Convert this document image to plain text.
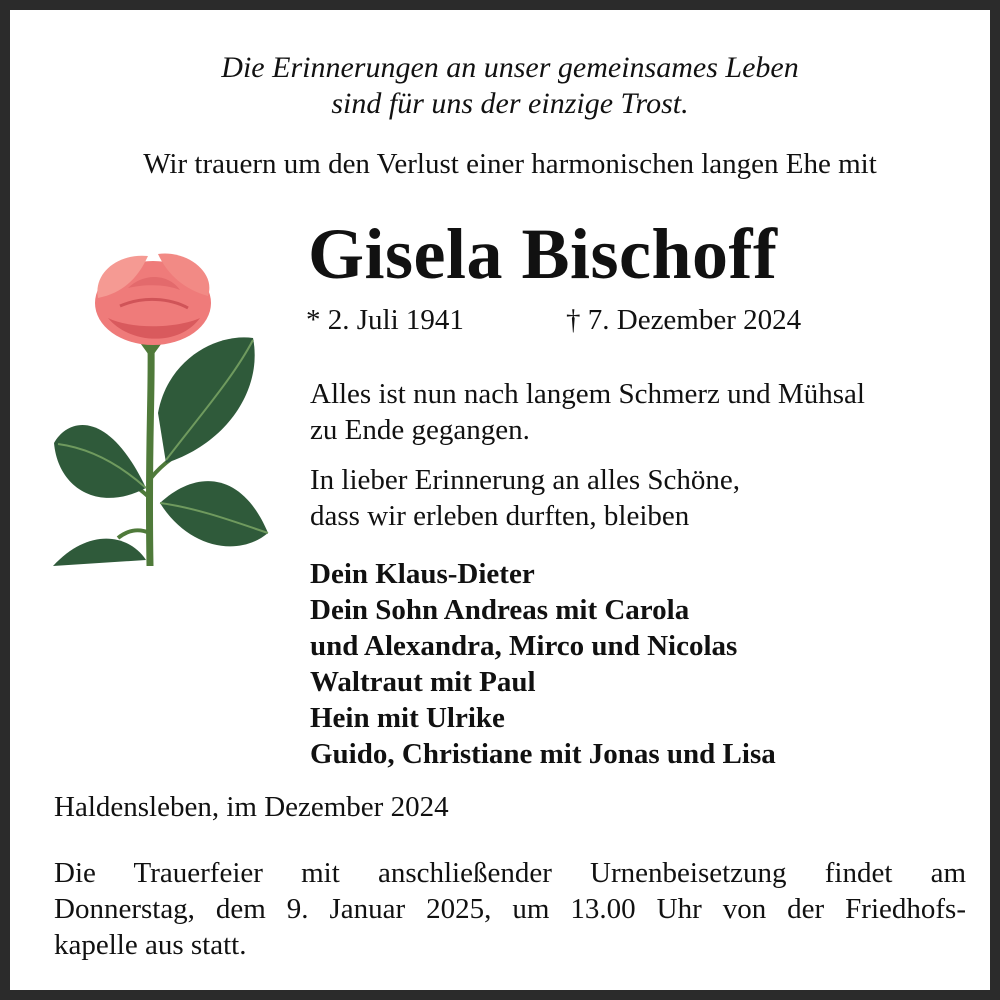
Die Erinnerungen an unser gemeinsames Leben
sind für uns der einzige Trost.
Wir trauern um den Verlust einer harmonischen langen Ehe mit
Gisela Bischoff
* 2. Juli 1941	† 7. Dezember 2024
Alles ist nun nach langem Schmerz und Mühsal
zu Ende gegangen.
In lieber Erinnerung an alles Schöne,
dass wir erleben durften, bleiben
Dein Klaus-Dieter
Dein Sohn Andreas mit Carola
und Alexandra, Mirco und Nicolas
Waltraut mit Paul
Hein mit Ulrike
Guido, Christiane mit Jonas und Lisa
Haldensleben, im Dezember 2024
Die Trauerfeier mit anschließender Urnenbeisetzung findet am
Donnerstag, dem 9. Januar 2025, um 13.00 Uhr von der Friedhofs-
kapelle aus statt.
